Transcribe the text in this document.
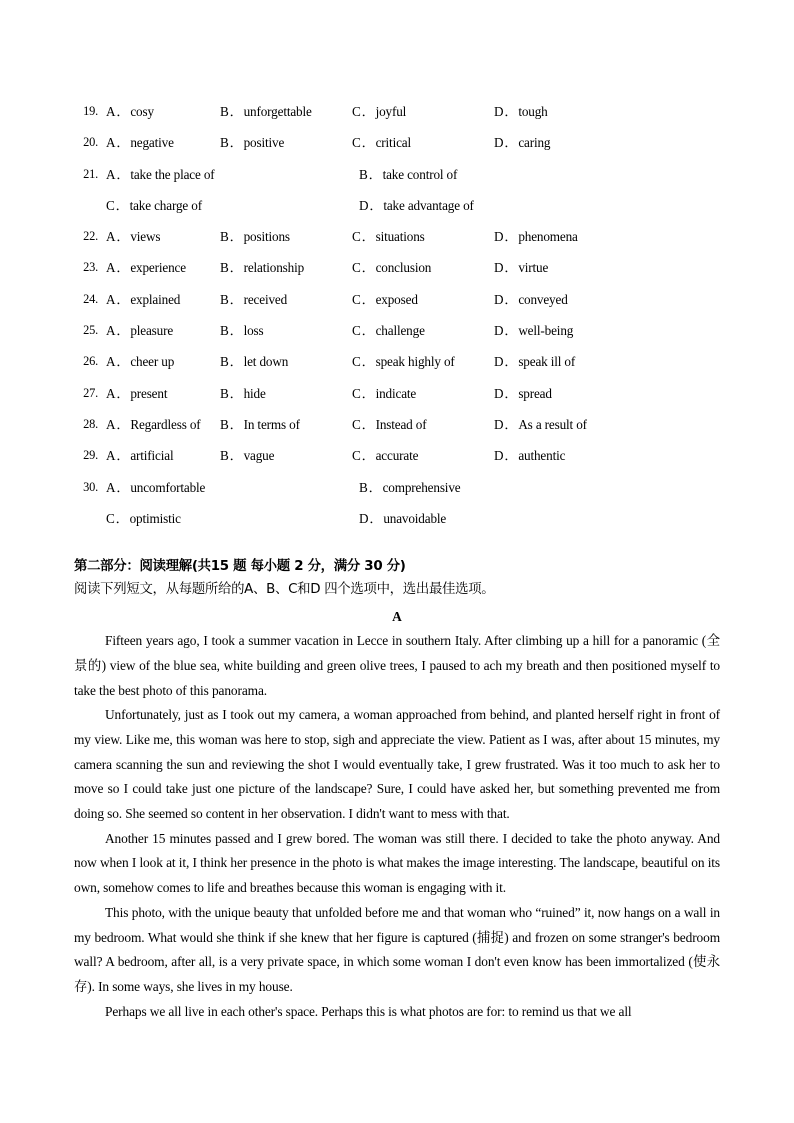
19. A．cosy	B．unforgettable	C．joyful	D．tough
20. A．negative	B．positive	C．critical	D．caring
21. A．take the place of	B．take control of
C．take charge of	D．take advantage of
22. A．views	B．positions	C．situations	D．phenomena
23. A．experience	B．relationship	C．conclusion	D．virtue
24. A．explained	B．received	C．exposed	D．conveyed
25. A．pleasure	B．loss	C．challenge	D．well-being
26. A．cheer up	B．let down	C．speak highly of	D．speak ill of
27. A．present	B．hide	C．indicate	D．spread
28. A．Regardless of B．In terms of	C．Instead of	D．As a result of
29. A．artificial	B．vague	C．accurate	D．authentic
30. A．uncomfortable	B．comprehensive
C．optimistic	D．unavoidable
第二部分：阅读理解(共15 题 每小题 2 分，满分 30 分)
阅读下列短文，从每题所给的A、B、C和D 四个选项中，选出最佳选项。
A

Fifteen years ago, I took a summer vacation in Lecce in southern Italy. After climbing up a hill for a panoramic (全景的) view of the blue sea, white building and green olive trees, I paused to ach my breath and then positioned myself to take the best photo of this panorama.

Unfortunately, just as I took out my camera, a woman approached from behind, and planted herself right in front of my view. Like me, this woman was here to stop, sigh and appreciate the view. Patient as I was, after about 15 minutes, my camera scanning the sun and reviewing the shot I would eventually take, I grew frustrated. Was it too much to ask her to move so I could take just one picture of the landscape? Sure, I could have asked her, but something prevented me from doing so. She seemed so content in her observation. I didn't want to mess with that.

Another 15 minutes passed and I grew bored. The woman was still there. I decided to take the photo anyway. And now when I look at it, I think her presence in the photo is what makes the image interesting. The landscape, beautiful on its own, somehow comes to life and breathes because this woman is engaging with it.

This photo, with the unique beauty that unfolded before me and that woman who “ruined” it, now hangs on a wall in my bedroom. What would she think if she knew that her figure is captured (捕捉) and frozen on some stranger's bedroom wall? A bedroom, after all, is a very private space, in which some woman I don't even know has been immortalized (使永存). In some ways, she lives in my house.

Perhaps we all live in each other's space. Perhaps this is what photos are for: to remind us that we all
